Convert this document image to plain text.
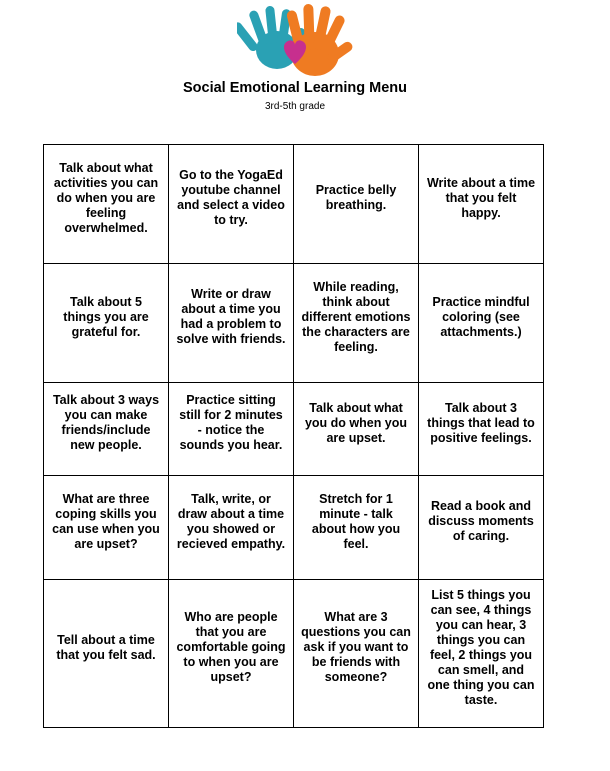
Social Emotional Learning Menu
3rd-5th grade
Talk about what activities you can do when you are feeling overwhelmed.	Go to the YogaEd youtube channel and select a video to try.	Practice belly breathing.	Write about a time that you felt happy.

Talk about 5 things you are grateful for.	Write or draw about a time you had a problem to solve with friends.	While reading, think about different emotions the characters are feeling.	Practice mindful coloring (see attachments.)

Talk about 3 ways you can make friends/include new people.	Practice sitting still for 2 minutes - notice the sounds you hear.	Talk about what you do when you are upset.	Talk about 3 things that lead to positive feelings.

What are three coping skills you can use when you are upset?	Talk, write, or draw about a time you showed or recieved empathy.	Stretch for 1 minute - talk about how you feel.	Read a book and discuss moments of caring.

Tell about a time that you felt sad.	Who are people that you are comfortable going to when you are upset?	What are 3 questions you can ask if you want to be friends with someone?	List 5 things you can see, 4 things you can hear, 3 things you can feel, 2 things you can smell, and one thing you can taste.
